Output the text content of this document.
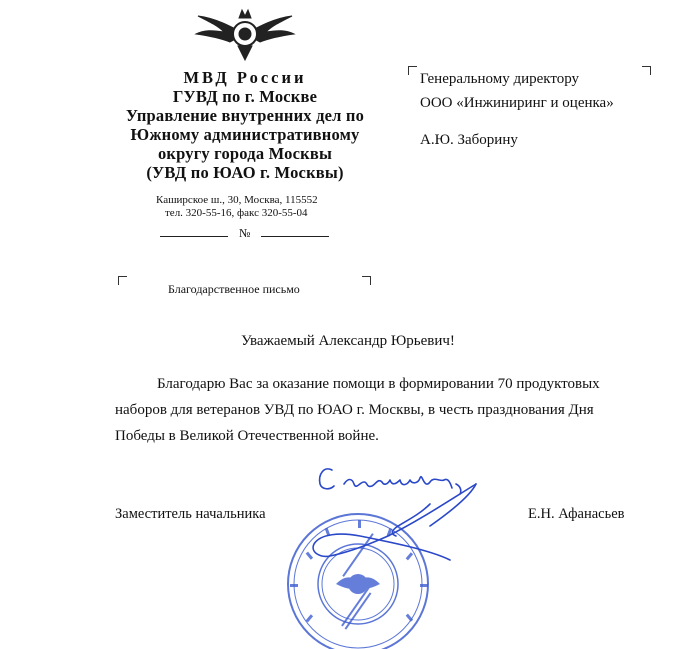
МВД России
ГУВД по г. Москве
Управление внутренних дел по
Южному административному
округу города Москвы
(УВД по ЮАО г. Москвы)
Каширское ш., 30, Москва, 115552
тел. 320-55-16, факс 320-55-04
№
Генеральному директору
ООО «Инжиниринг и оценка»
А.Ю. Заборину
Благодарственное письмо
Уважаемый Александр Юрьевич!
Благодарю Вас за оказание помощи в формировании 70 продуктовых
наборов для ветеранов УВД по ЮАО г. Москвы, в честь празднования Дня
Победы в Великой Отечественной войне.
Заместитель начальника	Е.Н. Афанасьев
